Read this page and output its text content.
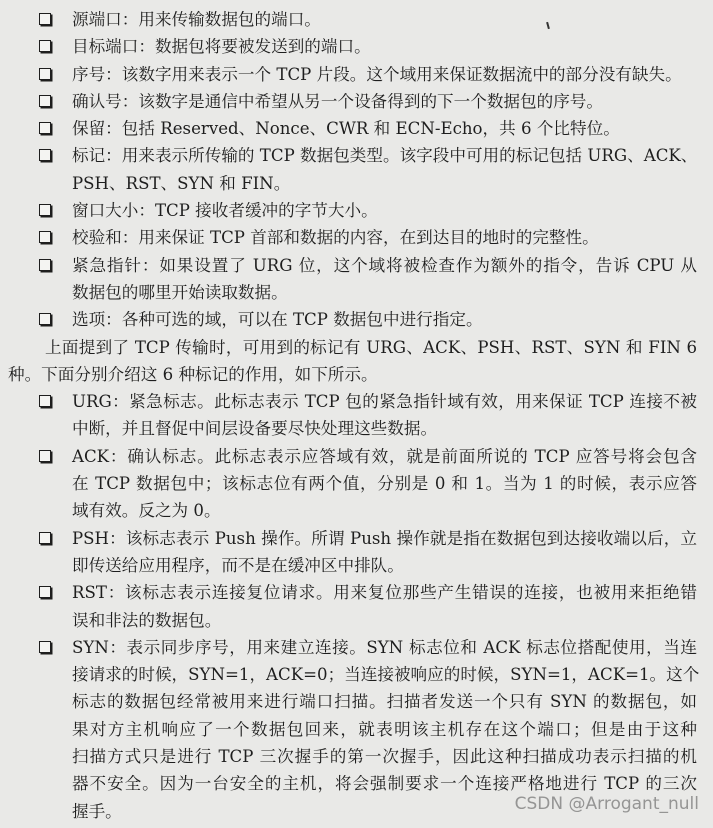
源端口：用来传输数据包的端口。
目标端口：数据包将要被发送到的端口。
序号：该数字用来表示一个 TCP 片段。这个域用来保证数据流中的部分没有缺失。
确认号：该数字是通信中希望从另一个设备得到的下一个数据包的序号。
保留：包括 Reserved、Nonce、CWR 和 ECN-Echo，共 6 个比特位。
标记：用来表示所传输的 TCP 数据包类型。该字段中可用的标记包括 URG、ACK、
PSH、RST、SYN 和 FIN。
窗口大小：TCP 接收者缓冲的字节大小。
校验和：用来保证 TCP 首部和数据的内容，在到达目的地时的完整性。
紧急指针：如果设置了 URG 位，这个域将被检查作为额外的指令，告诉 CPU 从
数据包的哪里开始读取数据。
选项：各种可选的域，可以在 TCP 数据包中进行指定。
上面提到了 TCP 传输时，可用到的标记有 URG、ACK、PSH、RST、SYN 和 FIN 6
种。下面分别介绍这 6 种标记的作用，如下所示。
URG：紧急标志。此标志表示 TCP 包的紧急指针域有效，用来保证 TCP 连接不被
中断，并且督促中间层设备要尽快处理这些数据。
ACK：确认标志。此标志表示应答域有效，就是前面所说的 TCP 应答号将会包含
在 TCP 数据包中；该标志位有两个值，分别是 0 和 1。当为 1 的时候，表示应答
域有效。反之为 0。
PSH：该标志表示 Push 操作。所谓 Push 操作就是指在数据包到达接收端以后，立
即传送给应用程序，而不是在缓冲区中排队。
RST：该标志表示连接复位请求。用来复位那些产生错误的连接，也被用来拒绝错
误和非法的数据包。
SYN：表示同步序号，用来建立连接。SYN 标志位和 ACK 标志位搭配使用，当连
接请求的时候，SYN=1，ACK=0；当连接被响应的时候，SYN=1，ACK=1。这个
标志的数据包经常被用来进行端口扫描。扫描者发送一个只有 SYN 的数据包，如
果对方主机响应了一个数据包回来，就表明该主机存在这个端口；但是由于这种
扫描方式只是进行 TCP 三次握手的第一次握手，因此这种扫描成功表示扫描的机
器不安全。因为一台安全的主机，将会强制要求一个连接严格地进行 TCP 的三次
握手。	CSDN @Arrogant_null
